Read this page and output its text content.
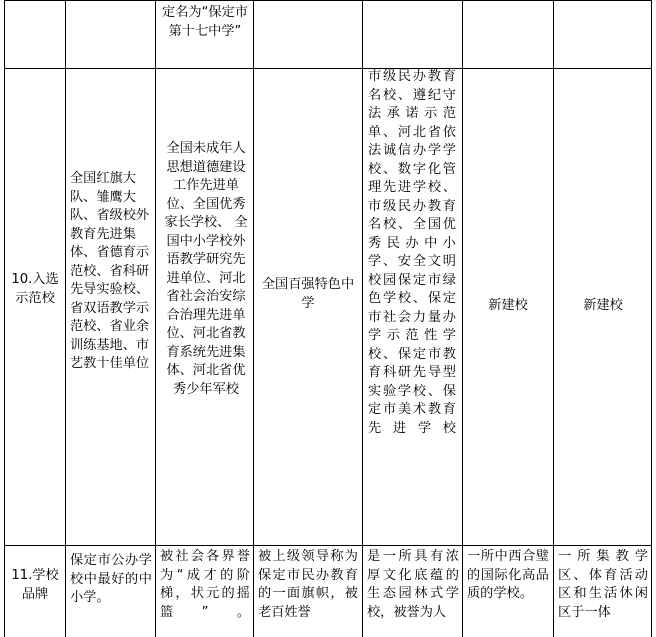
定名为“保定市第十七中学”
10.入选示范校
全国红旗大队、雏鹰大队、省级校外教育先进集体、省德育示范校、省科研先导实验校、省双语教学示范校、省业余训练基地、市艺教十佳单位
全国未成年人思想道德建设工作先进单位、全国优秀家长学校、 全国中小学校外语教学研究先进单位、河北省社会治安综合治理先进单位、河北省教育系统先进集体、河北省优秀少年军校
全国百强特色中学
市级民办教育名校、遵纪守法承诺示范单、河北省依法诚信办学学校、数字化管理先进学校、市级民办教育名校、全国优秀民办中小学、安全文明校园保定市绿色学校、保定市社会力量办学示范性学校、保定市教育科研先导型实验学校、保定市美术教育先进学校
新建校	新建校
11.学校品牌
保定市公办学校中最好的中小学。
被社会各界誉为“成才的阶梯，状元的摇篮”。
被上级领导称为保定市民办教育的一面旗帜，被老百姓誉
是一所具有浓厚文化底蕴的生态园林式学校，被誉为人
一所中西合璧的国际化高品质的学校。
一所集教学区、体育活动区和生活休闲区于一体
